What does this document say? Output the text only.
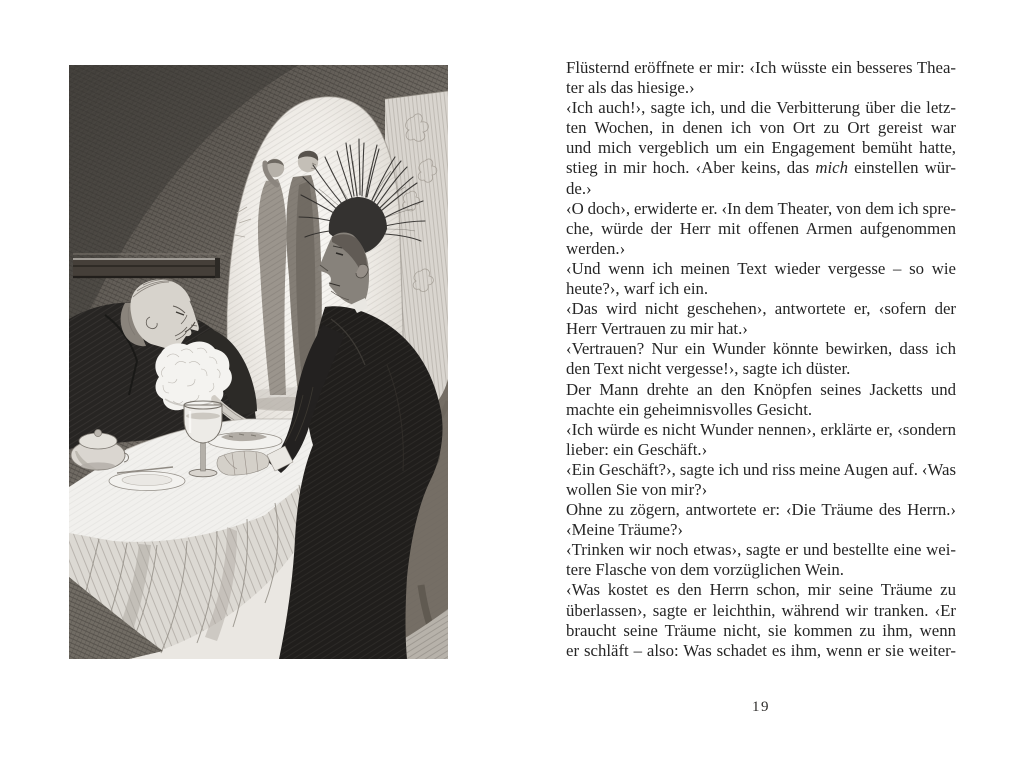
Flüsternd eröffnete er mir: ‹Ich wüsste ein besseres Thea-
ter als das hiesige.›
‹Ich auch!›, sagte ich, und die Verbitterung über die letz-
ten Wochen, in denen ich von Ort zu Ort gereist war
und mich vergeblich um ein Engagement bemüht hatte,
stieg in mir hoch. ‹Aber keins, das mich einstellen wür-
de.›
‹O doch›, erwiderte er. ‹In dem Theater, von dem ich spre-
che, würde der Herr mit offenen Armen aufgenommen
werden.›
‹Und wenn ich meinen Text wieder vergesse – so wie
heute?›, warf ich ein.
‹Das wird nicht geschehen›, antwortete er, ‹sofern der
Herr Vertrauen zu mir hat.›
‹Vertrauen? Nur ein Wunder könnte bewirken, dass ich
den Text nicht vergesse!›, sagte ich düster.
Der Mann drehte an den Knöpfen seines Jacketts und
machte ein geheimnisvolles Gesicht.
‹Ich würde es nicht Wunder nennen›, erklärte er, ‹sondern
lieber: ein Geschäft.›
‹Ein Geschäft?›, sagte ich und riss meine Augen auf. ‹Was
wollen Sie von mir?›
Ohne zu zögern, antwortete er: ‹Die Träume des Herrn.›
‹Meine Träume?›
‹Trinken wir noch etwas›, sagte er und bestellte eine wei-
tere Flasche von dem vorzüglichen Wein.
‹Was kostet es den Herrn schon, mir seine Träume zu
überlassen›, sagte er leichthin, während wir tranken. ‹Er
braucht seine Träume nicht, sie kommen zu ihm, wenn
er schläft – also: Was schadet es ihm, wenn er sie weiter-
19
